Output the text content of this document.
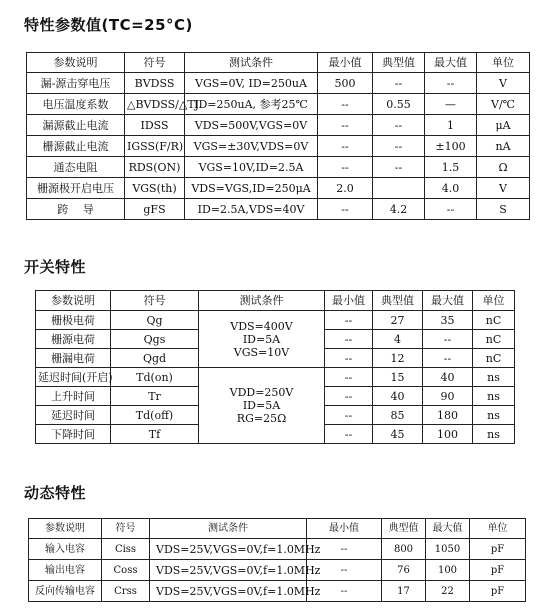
特性参数值(TC=25°C)
参数说明	符号	测试条件	最小值	典型值	最大值	单位
漏-源击穿电压	BVDSS	VGS=0V, ID=250uA	500	--	--	V
电压温度系数	△BVDSS/△TJ	ID=250uA, 参考25℃	--	0.55	—	V/℃
漏源截止电流	IDSS	VDS=500V,VGS=0V	--	--	1	μA
栅源截止电流	IGSS(F/R)	VGS=±30V,VDS=0V	--	--	±100	nA
通态电阻	RDS(ON)	VGS=10V,ID=2.5A	--	--	1.5	Ω
栅源极开启电压	VGS(th)	VDS=VGS,ID=250μA	2.0		4.0	V
跨　 导	gFS	ID=2.5A,VDS=40V	--	4.2	--	S
开关特性
参数说明	符号	测试条件	最小值	典型值	最大值	单位
栅极电荷	Qg	VDS=400V
ID=5A
VGS=10V	--	27	35	nC
栅源电荷	Qgs		--	4	--	nC
栅漏电荷	Qgd		--	12	--	nC
延迟时间(开启)	Td(on)	VDD=250V
ID=5A
RG=25Ω	--	15	40	ns
上升时间	Tr		--	40	90	ns
延迟时间	Td(off)		--	85	180	ns
下降时间	Tf		--	45	100	ns
动态特性
参数说明	符号	测试条件	最小值	典型值	最大值	单位
输入电容	Ciss	VDS=25V,VGS=0V,f=1.0MHz	--	800	1050	pF
输出电容	Coss	VDS=25V,VGS=0V,f=1.0MHz	--	76	100	pF
反向传输电容	Crss	VDS=25V,VGS=0V,f=1.0MHz	--	17	22	pF
